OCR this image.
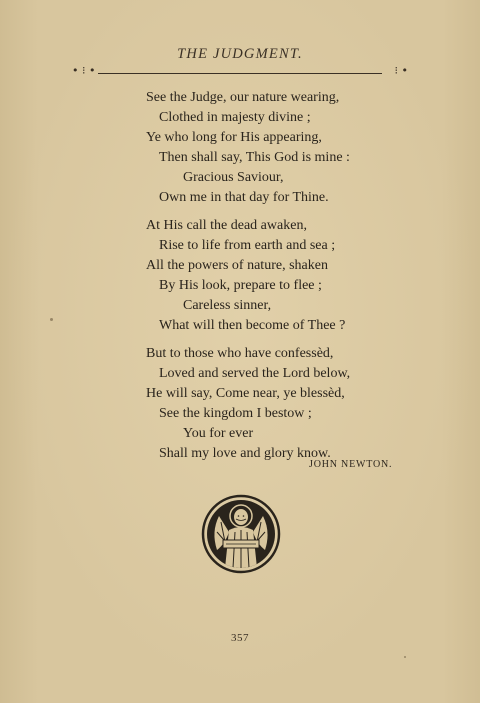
THE JUDGMENT.
• ⁝ •	⁝ •
See the Judge, our nature wearing,
Clothed in majesty divine ;
Ye who long for His appearing,
Then shall say, This God is mine :
Gracious Saviour,
Own me in that day for Thine.
At His call the dead awaken,
Rise to life from earth and sea ;
All the powers of nature, shaken
By His look, prepare to flee ;
Careless sinner,
What will then become of Thee ?
But to those who have confessèd,
Loved and served the Lord below,
He will say, Come near, ye blessèd,
See the kingdom I bestow ;
You for ever
Shall my love and glory know.
JOHN NEWTON.
357
